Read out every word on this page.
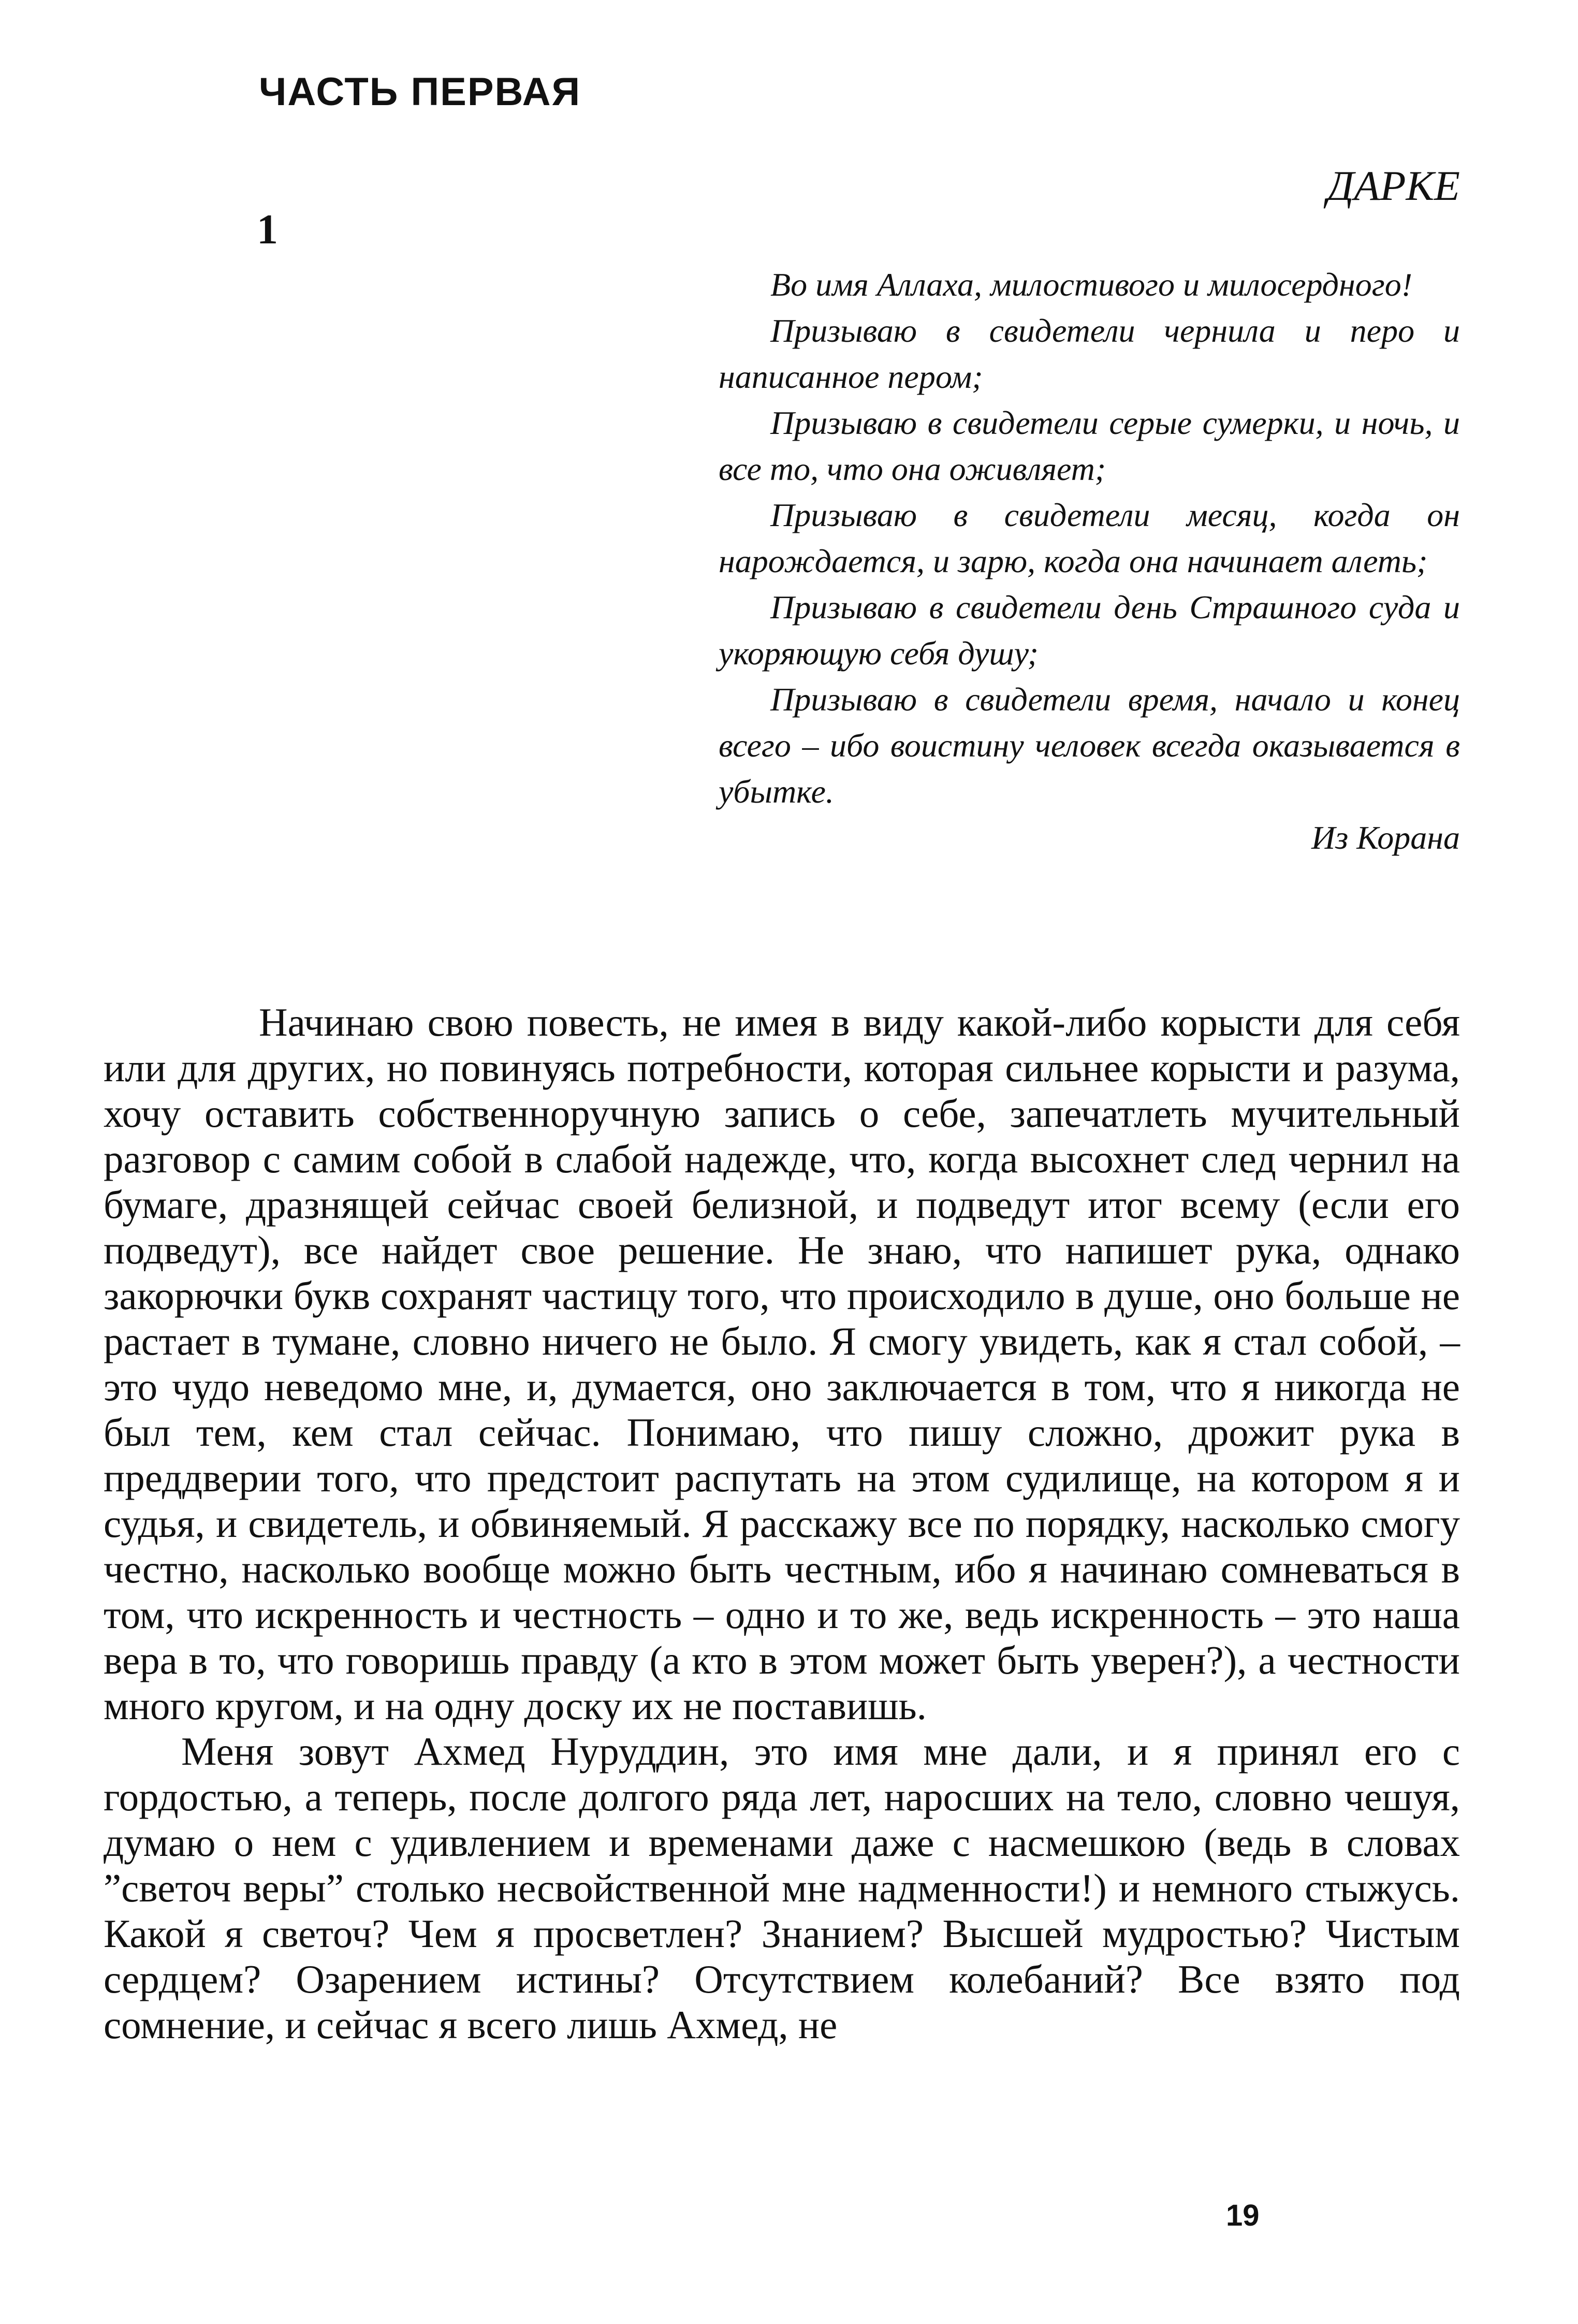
ЧАСТЬ ПЕРВАЯ
ДАРКЕ
1

Во имя Аллаха, милостивого и милосердного!

Призываю в свидетели чернила и перо и написанное пером;

Призываю в свидетели серые сумерки, и ночь, и все то, что она оживляет;

Призываю в свидетели месяц, когда он нарождается, и зарю, когда она начинает алеть;

Призываю в свидетели день Страшного суда и укоряющую себя душу;

Призываю в свидетели время, начало и конец всего – ибо воистину человек всегда оказывается в убытке.

Из Корана

Начинаю свою повесть, не имея в виду какой-либо корысти для себя или для других, но повинуясь потребности, которая сильнее корысти и разума, хочу оставить собственноручную запись о себе, запечатлеть мучительный разговор с самим собой в слабой надежде, что, когда высохнет след чернил на бумаге, дразнящей сейчас своей белизной, и подведут итог всему (если его подведут), все найдет свое решение. Не знаю, что напишет рука, однако закорючки букв сохранят частицу того, что происходило в душе, оно больше не растает в тумане, словно ничего не было. Я смогу увидеть, как я стал собой, – это чудо неведомо мне, и, думается, оно заключается в том, что я никогда не был тем, кем стал сейчас. Понимаю, что пишу сложно, дрожит рука в преддверии того, что предстоит распутать на этом судилище, на котором я и судья, и свидетель, и обвиняемый. Я расскажу все по порядку, насколько смогу честно, насколько вообще можно быть честным, ибо я начинаю сомневаться в том, что искренность и честность – одно и то же, ведь искренность – это наша вера в то, что говоришь правду (а кто в этом может быть уверен?), а честности много кругом, и на одну доску их не поставишь.

Меня зовут Ахмед Нуруддин, это имя мне дали, и я принял его с гордостью, а теперь, после долгого ряда лет, наросших на тело, словно чешуя, думаю о нем с удивлением и временами даже с насмешкою (ведь в словах ”светоч веры” столько несвойственной мне надменности!) и немного стыжусь. Какой я светоч? Чем я просветлен? Знанием? Высшей мудростью? Чистым сердцем? Озарением истины? Отсутствием колебаний? Все взято под сомнение, и сейчас я всего лишь Ахмед, не

19
